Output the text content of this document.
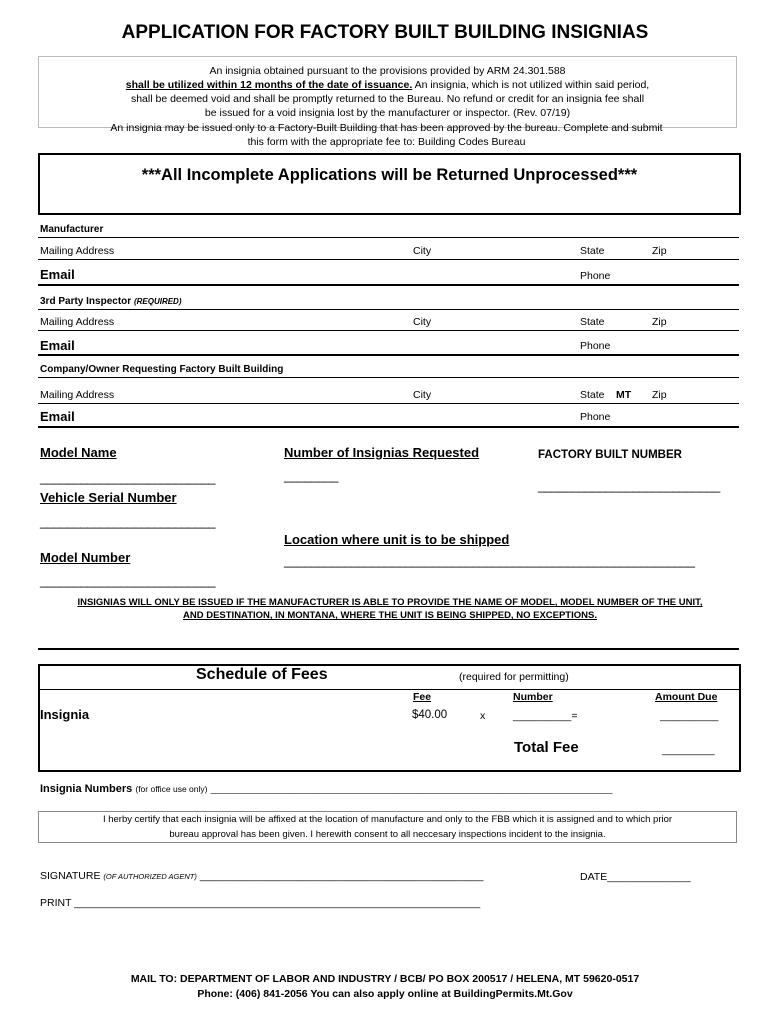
APPLICATION FOR FACTORY BUILT BUILDING INSIGNIAS

An insignia obtained pursuant to the provisions provided by ARM 24.301.588

shall be utilized within 12 months of the date of issuance. An insignia, which is not utilized within said period,

shall be deemed void and shall be promptly returned to the Bureau. No refund or credit for an insignia fee shall

be issued for a void insignia lost by the manufacturer or inspector. (Rev. 07/19)

An insignia may be issued only to a Factory-Built Building that has been approved by the bureau. Complete and submit

this form with the appropriate fee to: Building Codes Bureau

***All Incomplete Applications will be Returned Unprocessed***
Manufacturer
Mailing Address	City	State	Zip
Email	Phone
3rd Party Inspector (REQUIRED)
Mailing Address	City	State	Zip
Email	Phone
Company/Owner Requesting Factory Built Building
Mailing Address	City	State MT Zip
Email	Phone
Model Name
__________________________
Vehicle Serial Number
__________________________
Model Number
__________________________
Number of Insignias Requested
________
Location where unit is to be shipped
_____________________________________________________________
FACTORY BUILT NUMBER
___________________________
INSIGNIAS WILL ONLY BE ISSUED IF THE MANUFACTURER IS ABLE TO PROVIDE THE NAME OF MODEL, MODEL NUMBER OF THE UNIT,
AND DESTINATION, IN MONTANA, WHERE THE UNIT IS BEING SHIPPED, NO EXCEPTIONS.
Schedule of Fees	(required for permitting)
Fee	Number	Amount Due
Insignia	$40.00	x	__________=	__________
Total Fee	_________
Insignia Numbers (for office use only) _____________________________________________________________________________________

I herby certify that each insignia will be affixed at the location of manufacture and only to the FBB which it is assigned and to which prior

bureau approval has been given. I herewith consent to all neccesary inspections incident to the insignia.

SIGNATURE (OF AUTHORIZED AGENT) ___________________________________________________	DATE_______________
PRINT _________________________________________________________________________
MAIL TO: DEPARTMENT OF LABOR AND INDUSTRY / BCB/ PO BOX 200517 / HELENA, MT 59620-0517
Phone: (406) 841-2056 You can also apply online at BuildingPermits.Mt.Gov
